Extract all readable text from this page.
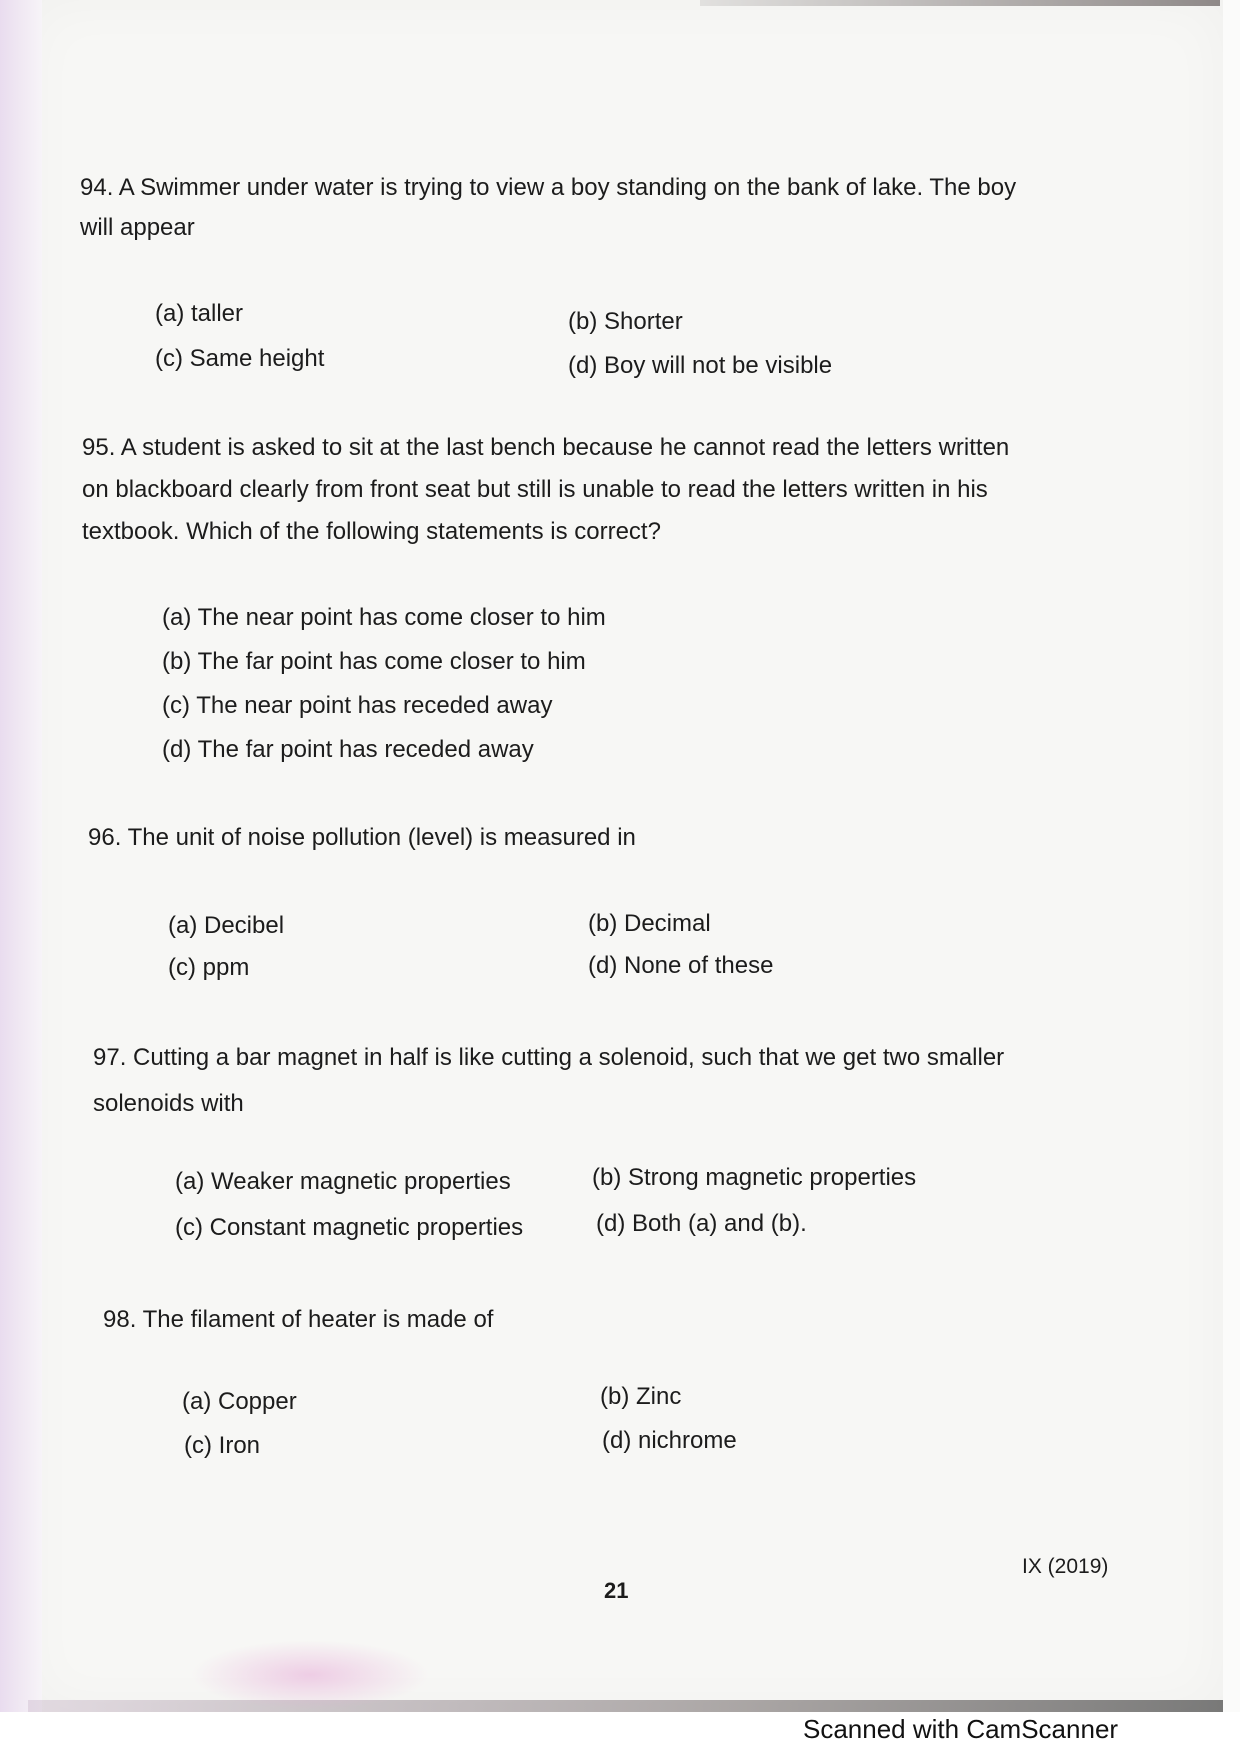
94. A Swimmer under water is trying to view a boy standing on the bank of lake. The boy
will appear

(a) taller	(b) Shorter
(c) Same height	(d) Boy will not be visible

95. A student is asked to sit at the last bench because he cannot read the letters written
on blackboard clearly from front seat but still is unable to read the letters written in his
textbook. Which of the following statements is correct?

(a) The near point has come closer to him
(b) The far point has come closer to him
(c) The near point has receded away
(d) The far point has receded away

96. The unit of noise pollution (level) is measured in

(a) Decibel	(b) Decimal
(c) ppm	(d) None of these

97. Cutting a bar magnet in half is like cutting a solenoid, such that we get two smaller
solenoids with

(a) Weaker magnetic properties	(b) Strong magnetic properties
(c) Constant magnetic properties	(d) Both (a) and (b).

98. The filament of heater is made of

(a) Copper	(b) Zinc
(c) Iron	(d) nichrome
IX (2019)
21
Scanned with CamScanner
